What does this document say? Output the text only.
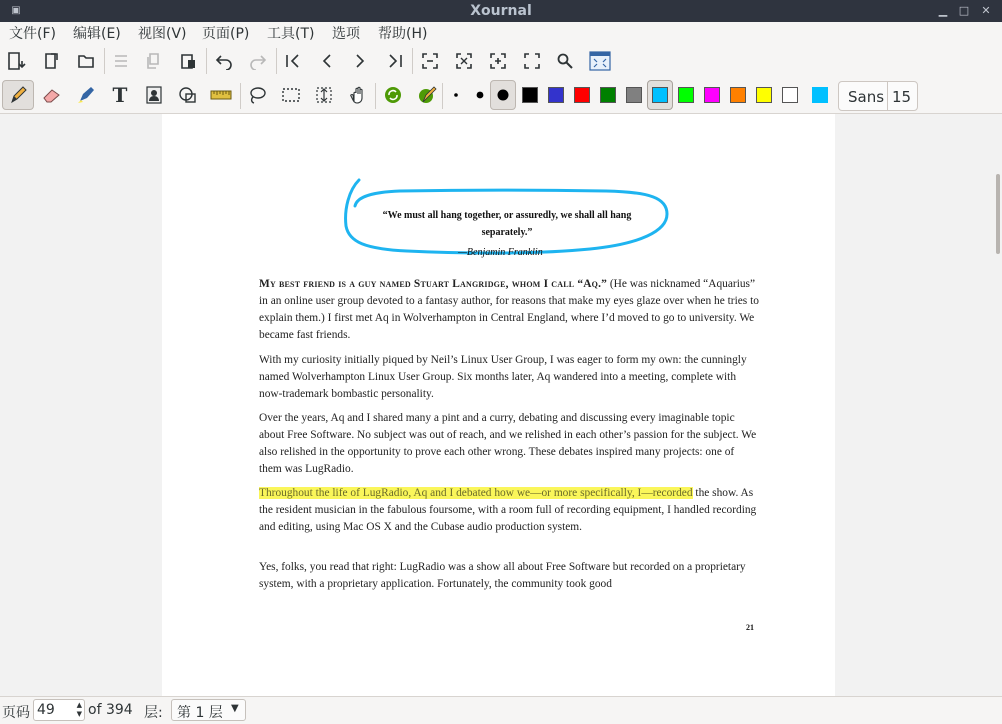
▣	Xournal	▁ □ ✕
文件(F) 编辑(E) 视图(V) 页面(P) 工具(T) 选项 帮助(H)
T	Sans 15
“We must all hang together, or assuredly, we shall all hang separately.”
—Benjamin Franklin
My best friend is a guy named Stuart Langridge, whom I call “Aq.” (He was nicknamed “Aquarius” in an online user group devoted to a fantasy author, for reasons that make my eyes glaze over when he tries to explain them.) I first met Aq in Wolverhampton in Central England, where I’d moved to go to university. We became fast friends.
With my curiosity initially piqued by Neil’s Linux User Group, I was eager to form my own: the cunningly named Wolverhampton Linux User Group. Six months later, Aq wandered into a meeting, complete with now-trademark bombastic personality.
Over the years, Aq and I shared many a pint and a curry, debating and discussing every imaginable topic about Free Software. No subject was out of reach, and we relished in each other’s passion for the subject. We also relished in the opportunity to prove each other wrong. These debates inspired many projects: one of them was LugRadio.
Throughout the life of LugRadio, Aq and I debated how we—or more specifically, I—recorded the show. As the resident musician in the fabulous foursome, with a room full of recording equipment, I handled recording and editing, using Mac OS X and the Cubase audio production system.
Yes, folks, you read that right: LugRadio was a show all about Free Software but recorded on a proprietary system, with a proprietary application. Fortunately, the community took good
21
页码
49	▲
▼ of 394 层: 第 1 层 ▼
